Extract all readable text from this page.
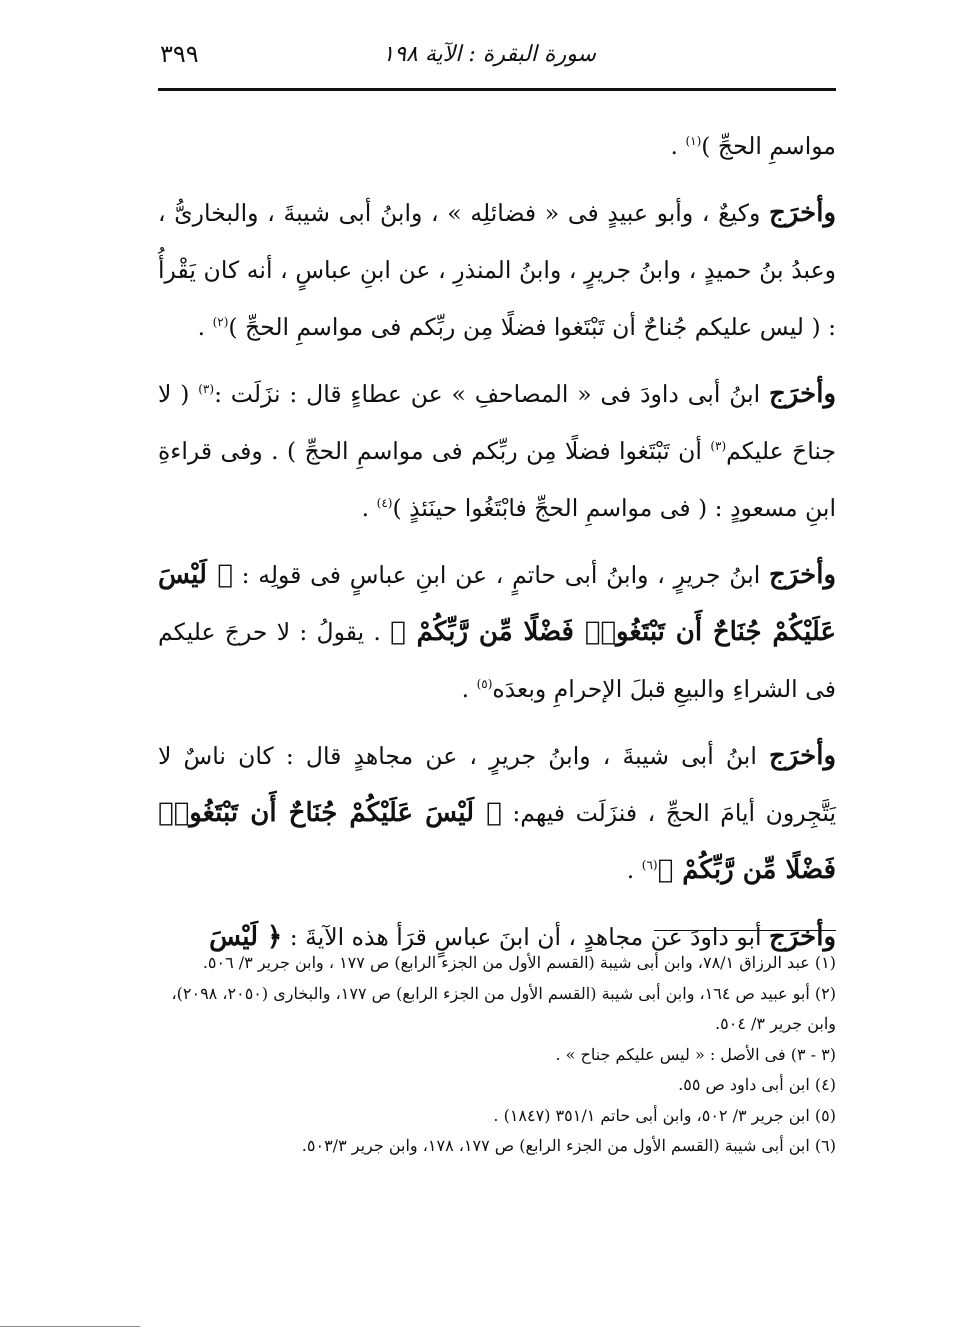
سورة البقرة : الآية ١٩٨
٣٩٩

مواسمِ الحجِّ )$^{(١)}$ .

وأخرَج وكيعٌ ، وأبو عبيدٍ فى « فضائلِه » ، وابنُ أبى شيبةَ ، والبخارىُّ ، وعبدُ بنُ حميدٍ ، وابنُ جريرٍ ، وابنُ المنذرِ ، عن ابنِ عباسٍ ، أنه كان يَقْرأُ : ( ليس عليكم جُناحٌ أن تَبْتَغوا فضلًا مِن ربِّكم فى مواسمِ الحجِّ )$^{(٢)}$ .

وأخرَج ابنُ أبى داودَ فى « المصاحفِ » عن عطاءٍ قال : نزَلَت :$^{(٣)}$ ( لا جناحَ عليكم$^{(٣)}$ أن تَبْتَغوا فضلًا مِن ربِّكم فى مواسمِ الحجِّ ) . وفى قراءةِ ابنِ مسعودٍ : ( فى مواسمِ الحجِّ فابْتَغُوا حينَئذٍ )$^{(٤)}$ .

وأخرَج ابنُ جريرٍ ، وابنُ أبى حاتمٍ ، عن ابنِ عباسٍ فى قولِه : ﴿ لَيْسَ عَلَيْكُمْ جُنَاحٌ أَن تَبْتَغُوا۟ فَضْلًا مِّن رَّبِّكُمْ ﴾ . يقولُ : لا حرجَ عليكم فى الشراءِ والبيعِ قبلَ الإحرامِ وبعدَه$^{(٥)}$ .

وأخرَج ابنُ أبى شيبةَ ، وابنُ جريرٍ ، عن مجاهدٍ قال : كان ناسٌ لا يَتَّجِرون أيامَ الحجِّ ، فنزَلَت فيهم: ﴿ لَيْسَ عَلَيْكُمْ جُنَاحٌ أَن تَبْتَغُوا۟ فَضْلًا مِّن رَّبِّكُمْ ﴾$^{(٦)}$ .

وأخرَج أبو داودَ عن مجاهدٍ ، أن ابنَ عباسٍ قرَأ هذه الآيةَ : ﴿ لَيْسَ

(١) عبد الرزاق ٧٨/١، وابن أبى شيبة (القسم الأول من الجزء الرابع) ص ١٧٧ ، وابن جرير ٣/ ٥٠٦.

(٢) أبو عبيد ص ١٦٤، وابن أبى شيبة (القسم الأول من الجزء الرابع) ص ١٧٧، والبخارى (٢٠٥٠، ٢٠٩٨)، وابن جرير ٣/ ٥٠٤.

(٣ - ٣) فى الأصل : « ليس عليكم جناح » .

(٤) ابن أبى داود ص ٥٥.

(٥) ابن جرير ٣/ ٥٠٢، وابن أبى حاتم ٣٥١/١ (١٨٤٧) .

(٦) ابن أبى شيبة (القسم الأول من الجزء الرابع) ص ١٧٧، ١٧٨، وابن جرير ٥٠٣/٣.
